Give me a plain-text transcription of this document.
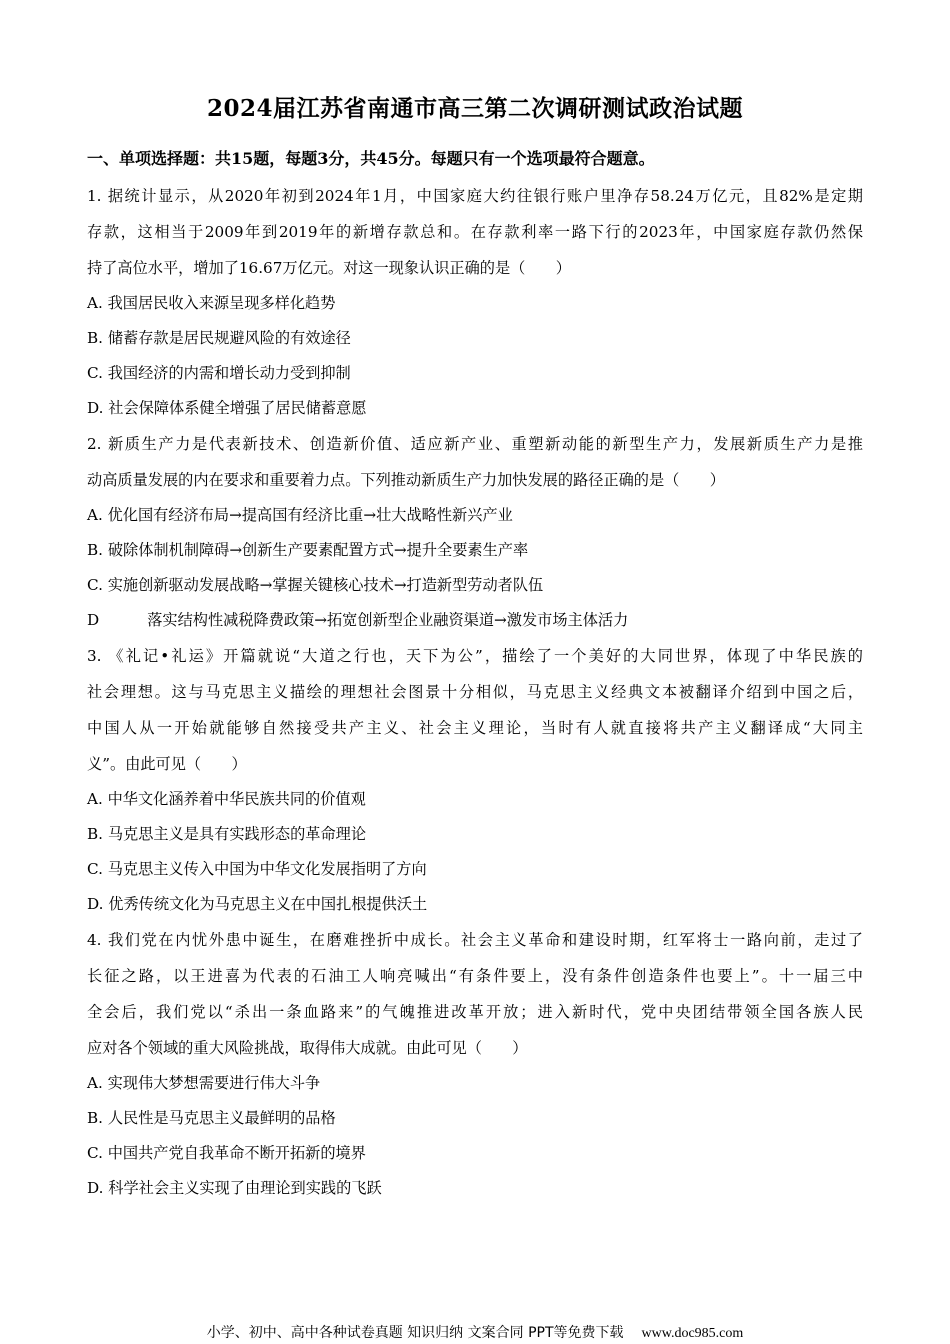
2024届江苏省南通市高三第二次调研测试政治试题
一、单项选择题：共15题，每题3分，共45分。每题只有一个选项最符合题意。
1. 据统计显示，从2020年初到2024年1月，中国家庭大约往银行账户里净存58.24万亿元，且82%是定期
存款，这相当于2009年到2019年的新增存款总和。在存款利率一路下行的2023年，中国家庭存款仍然保
持了高位水平，增加了16.67万亿元。对这一现象认识正确的是（　　）
A. 我国居民收入来源呈现多样化趋势
B. 储蓄存款是居民规避风险的有效途径
C. 我国经济的内需和增长动力受到抑制
D. 社会保障体系健全增强了居民储蓄意愿
2. 新质生产力是代表新技术、创造新价值、适应新产业、重塑新动能的新型生产力，发展新质生产力是推
动高质量发展的内在要求和重要着力点。下列推动新质生产力加快发展的路径正确的是（　　）
A. 优化国有经济布局→提高国有经济比重→壮大战略性新兴产业
B. 破除体制机制障碍→创新生产要素配置方式→提升全要素生产率
C. 实施创新驱动发展战略→掌握关键核心技术→打造新型劳动者队伍
D	落实结构性减税降费政策→拓宽创新型企业融资渠道→激发市场主体活力
3. 《礼记•礼运》开篇就说“大道之行也，天下为公”，描绘了一个美好的大同世界，体现了中华民族的
社会理想。这与马克思主义描绘的理想社会图景十分相似，马克思主义经典文本被翻译介绍到中国之后，
中国人从一开始就能够自然接受共产主义、社会主义理论，当时有人就直接将共产主义翻译成“大同主
义”。由此可见（　　）
A. 中华文化涵养着中华民族共同的价值观
B. 马克思主义是具有实践形态的革命理论
C. 马克思主义传入中国为中华文化发展指明了方向
D. 优秀传统文化为马克思主义在中国扎根提供沃土
4. 我们党在内忧外患中诞生，在磨难挫折中成长。社会主义革命和建设时期，红军将士一路向前，走过了
长征之路，以王进喜为代表的石油工人响亮喊出“有条件要上，没有条件创造条件也要上”。十一届三中
全会后，我们党以“杀出一条血路来”的气魄推进改革开放；进入新时代，党中央团结带领全国各族人民
应对各个领域的重大风险挑战，取得伟大成就。由此可见（　　）
A. 实现伟大梦想需要进行伟大斗争
B. 人民性是马克思主义最鲜明的品格
C. 中国共产党自我革命不断开拓新的境界
D. 科学社会主义实现了由理论到实践的飞跃
小学、初中、高中各种试卷真题 知识归纳 文案合同 PPT等免费下载 www.doc985.com
